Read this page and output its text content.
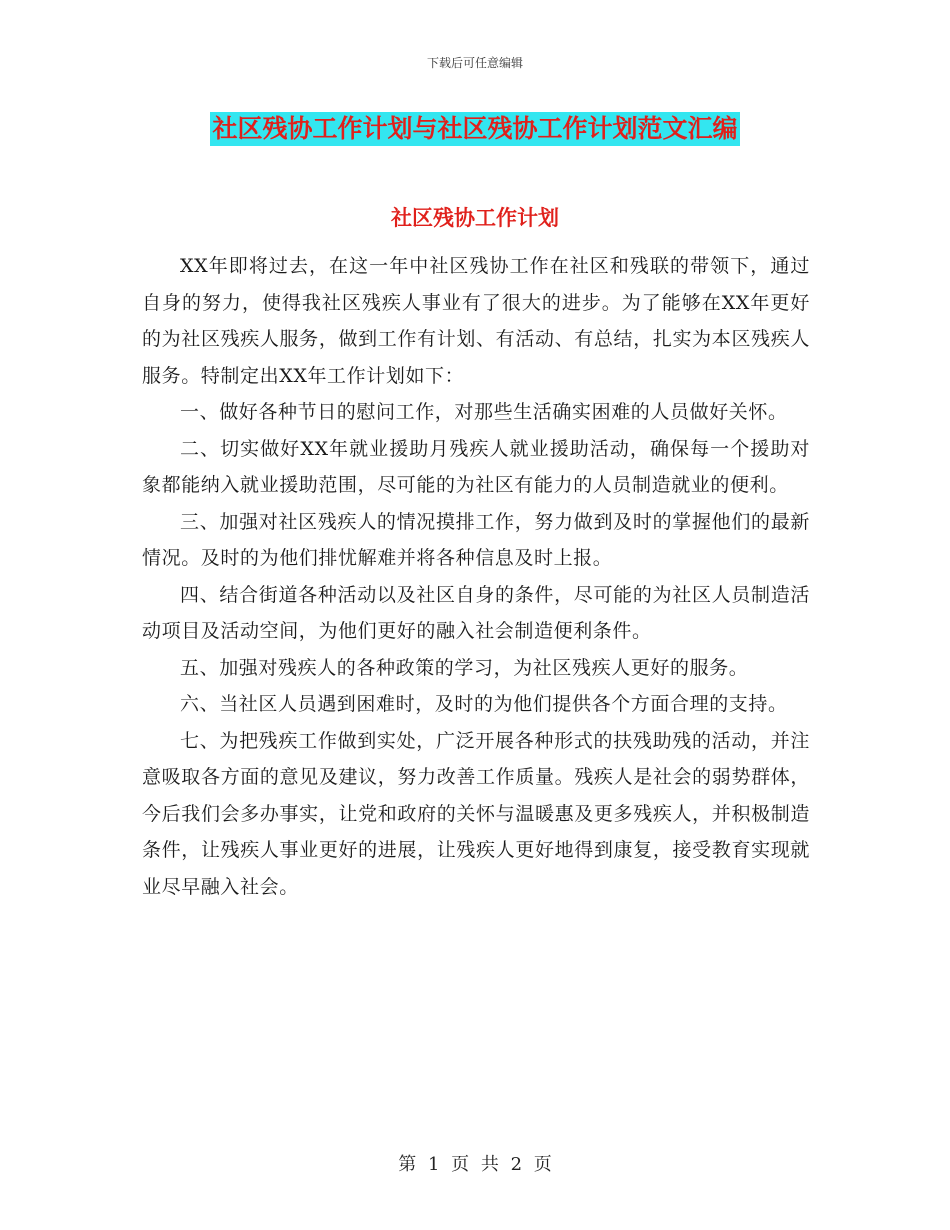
下载后可任意编辑
社区残协工作计划与社区残协工作计划范文汇编
社区残协工作计划

XX年即将过去，在这一年中社区残协工作在社区和残联的带领下，通过自身的努力，使得我社区残疾人事业有了很大的进步。为了能够在XX年更好的为社区残疾人服务，做到工作有计划、有活动、有总结，扎实为本区残疾人服务。特制定出XX年工作计划如下：

一、做好各种节日的慰问工作，对那些生活确实困难的人员做好关怀。

二、切实做好XX年就业援助月残疾人就业援助活动，确保每一个援助对象都能纳入就业援助范围，尽可能的为社区有能力的人员制造就业的便利。

三、加强对社区残疾人的情况摸排工作，努力做到及时的掌握他们的最新情况。及时的为他们排忧解难并将各种信息及时上报。

四、结合街道各种活动以及社区自身的条件，尽可能的为社区人员制造活动项目及活动空间，为他们更好的融入社会制造便利条件。

五、加强对残疾人的各种政策的学习，为社区残疾人更好的服务。

六、当社区人员遇到困难时，及时的为他们提供各个方面合理的支持。

七、为把残疾工作做到实处，广泛开展各种形式的扶残助残的活动，并注意吸取各方面的意见及建议，努力改善工作质量。残疾人是社会的弱势群体，今后我们会多办事实，让党和政府的关怀与温暖惠及更多残疾人，并积极制造条件，让残疾人事业更好的进展，让残疾人更好地得到康复，接受教育实现就业尽早融入社会。

第 1 页 共 2 页
